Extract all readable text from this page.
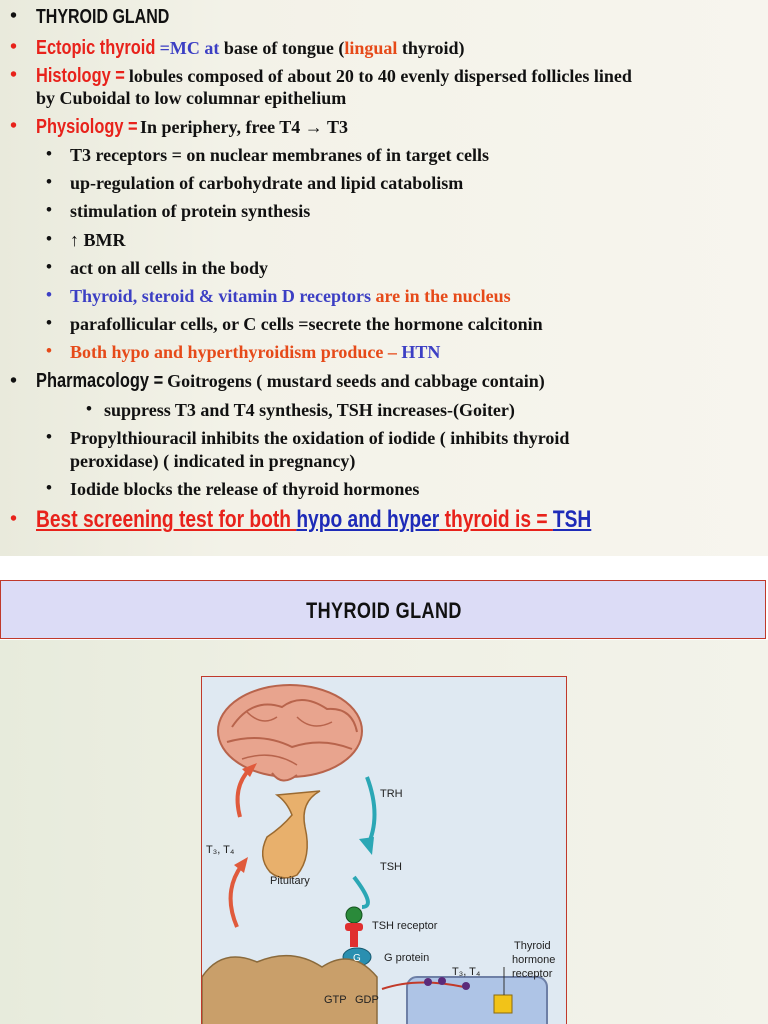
• THYROID GLAND
• Ectopic thyroid=MC at base of tongue (lingual thyroid)
• Histology = lobules composed of about 20 to 40 evenly dispersed follicles lined
by Cuboidal to low columnar epithelium
• Physiology =In periphery, free T4 → T3
• T3 receptors = on nuclear membranes of in target cells
• up-regulation of carbohydrate and lipid catabolism
• stimulation of protein synthesis
• ↑ BMR
• act on all cells in the body
• Thyroid, steroid & vitamin D receptors are in the nucleus
• parafollicular cells, or C cells =secrete the hormone calcitonin
• Both hypo and hyperthyroidism produce – HTN
• Pharmacology =Goitrogens ( mustard seeds and cabbage contain)
• suppress T3 and T4 synthesis, TSH increases-(Goiter)
• Propylthiouracil inhibits the oxidation of iodide ( inhibits thyroid
peroxidase) ( indicated in pregnancy)
• Iodide blocks the release of thyroid hormones
• Best screening test for both hypo and hyper thyroid is = TSH
THYROID GLAND
TRH
TSH
T₃, T₄
Pituitary
TSH receptor
G G protein
Thyroid
hormone
receptor
T₃, T₄
GTP GDP
